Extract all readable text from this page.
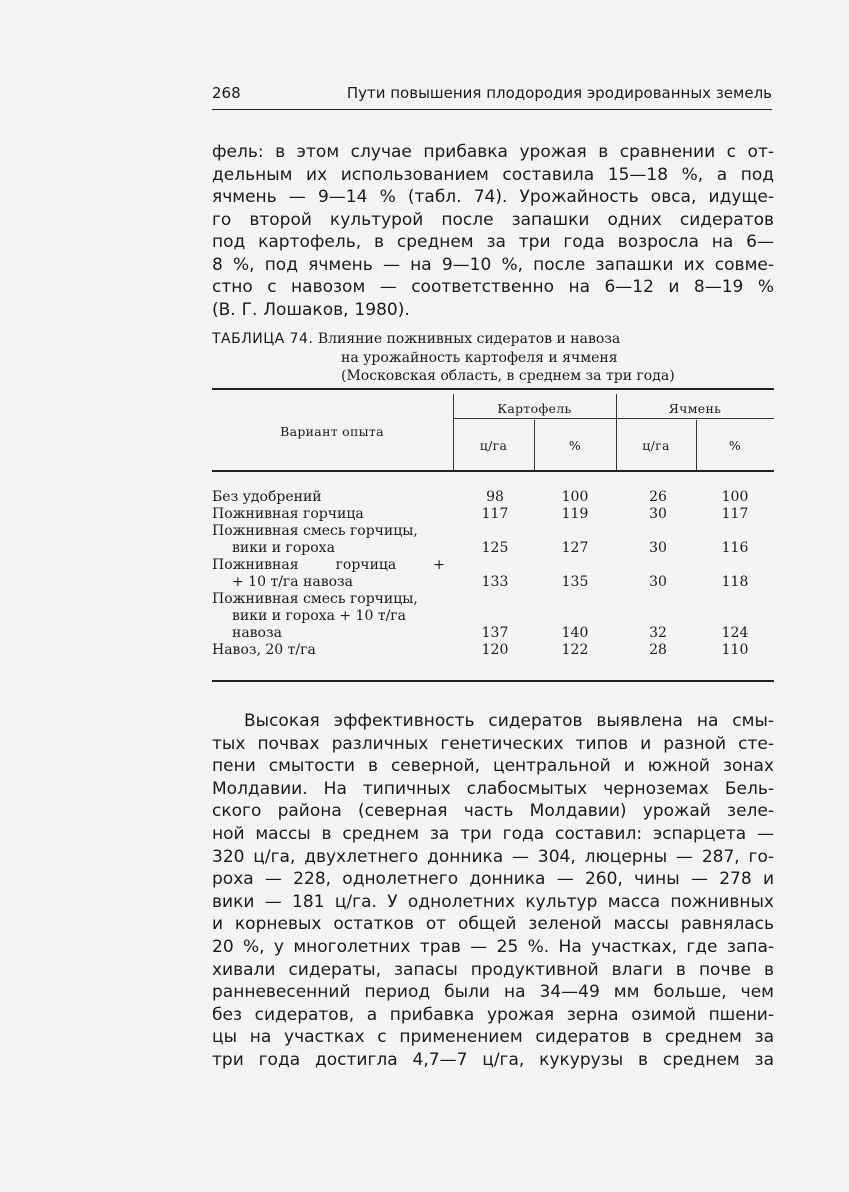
268	Пути повышения плодородия эродированных земель
фель: в этом случае прибавка урожая в сравнении с от-
дельным их использованием составила 15—18 %, а под
ячмень — 9—14 % (табл. 74). Урожайность овса, идуще-
го второй культурой после запашки одних сидератов
под картофель, в среднем за три года возросла на 6—
8 %, под ячмень — на 9—10 %, после запашки их совме-
стно с навозом — соответственно на 6—12 и 8—19 %
(В. Г. Лошаков, 1980).
ТАБЛИЦА 74. Влияние пожнивных сидератов и навоза
на урожайность картофеля и ячменя
(Московская область, в среднем за три года)
Вариант опыта
Картофель	Ячмень
ц/га	%	ц/га	%
Без удобрений	98	100	26	100
Пожнивная горчица	117	119	30	117
Пожнивная смесь горчицы,
вики и гороха	125	127	30	116
Пожнивная горчица +
+ 10 т/га навоза	133	135	30	118
Пожнивная смесь горчицы,
вики и гороха + 10 т/га
навоза	137	140	32	124
Навоз, 20 т/га	120	122	28	110
Высокая эффективность сидератов выявлена на смы-
тых почвах различных генетических типов и разной сте-
пени смытости в северной, центральной и южной зонах
Молдавии. На типичных слабосмытых черноземах Бель-
ского района (северная часть Молдавии) урожай зеле-
ной массы в среднем за три года составил: эспарцета —
320 ц/га, двухлетнего донника — 304, люцерны — 287, го-
роха — 228, однолетнего донника — 260, чины — 278 и
вики — 181 ц/га. У однолетних культур масса пожнивных
и корневых остатков от общей зеленой массы равнялась
20 %, у многолетних трав — 25 %. На участках, где запа-
хивали сидераты, запасы продуктивной влаги в почве в
ранневесенний период были на 34—49 мм больше, чем
без сидератов, а прибавка урожая зерна озимой пшени-
цы на участках с применением сидератов в среднем за
три года достигла 4,7—7 ц/га, кукурузы в среднем за
